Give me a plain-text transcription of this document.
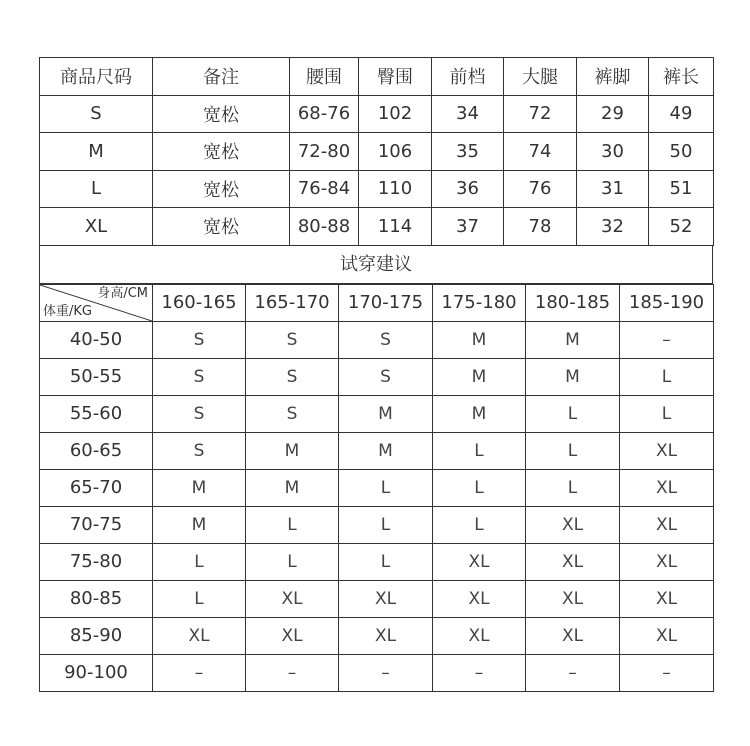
商品尺码	备注	腰围	臀围	前档	大腿	裤脚	裤长
S	宽松	68-76	102	34	72	29	49
M	宽松	72-80	106	35	74	30	50
L	宽松	76-84	110	36	76	31	51
XL	宽松	80-88	114	37	78	32	52
试穿建议
身高/CM
体重/KG	160-165	165-170	170-175	175-180	180-185	185-190
40-50	S	S	S	M	M	–
50-55	S	S	S	M	M	L
55-60	S	S	M	M	L	L
60-65	S	M	M	L	L	XL
65-70	M	M	L	L	L	XL
70-75	M	L	L	L	XL	XL
75-80	L	L	L	XL	XL	XL
80-85	L	XL	XL	XL	XL	XL
85-90	XL	XL	XL	XL	XL	XL
90-100	–	–	–	–	–	–
